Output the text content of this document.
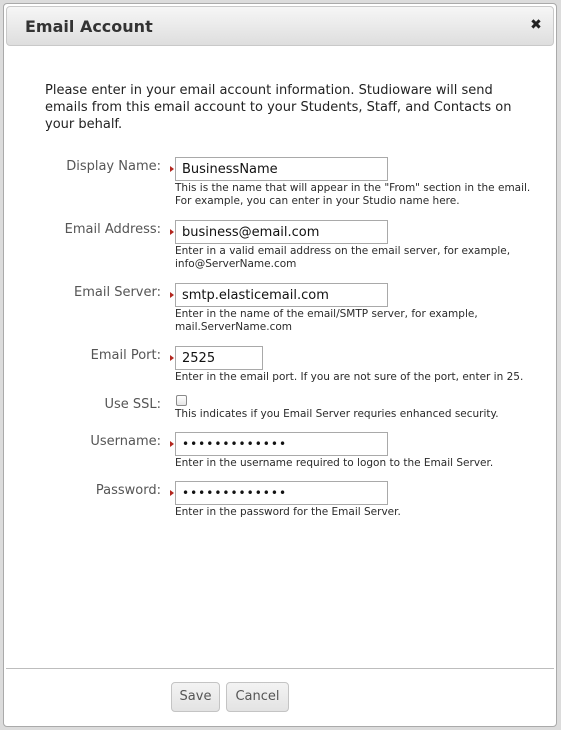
Email Account	✖
Please enter in your email account information. Studioware will send emails from this email account to your Students, Staff, and Contacts on your behalf.
Display Name:
BusinessName
This is the name that will appear in the "From" section in the email. For example, you can enter in your Studio name here.
Email Address:
business@email.com
Enter in a valid email address on the email server, for example, info@ServerName.com
Email Server:
smtp.elasticemail.com
Enter in the name of the email/SMTP server, for example, mail.ServerName.com
Email Port:
2525
Enter in the email port. If you are not sure of the port, enter in 25.
Use SSL:
This indicates if you Email Server requries enhanced security.
Username:
•••••••••••••
Enter in the username required to logon to the Email Server.
Password:
•••••••••••••
Enter in the password for the Email Server.
Save	Cancel
